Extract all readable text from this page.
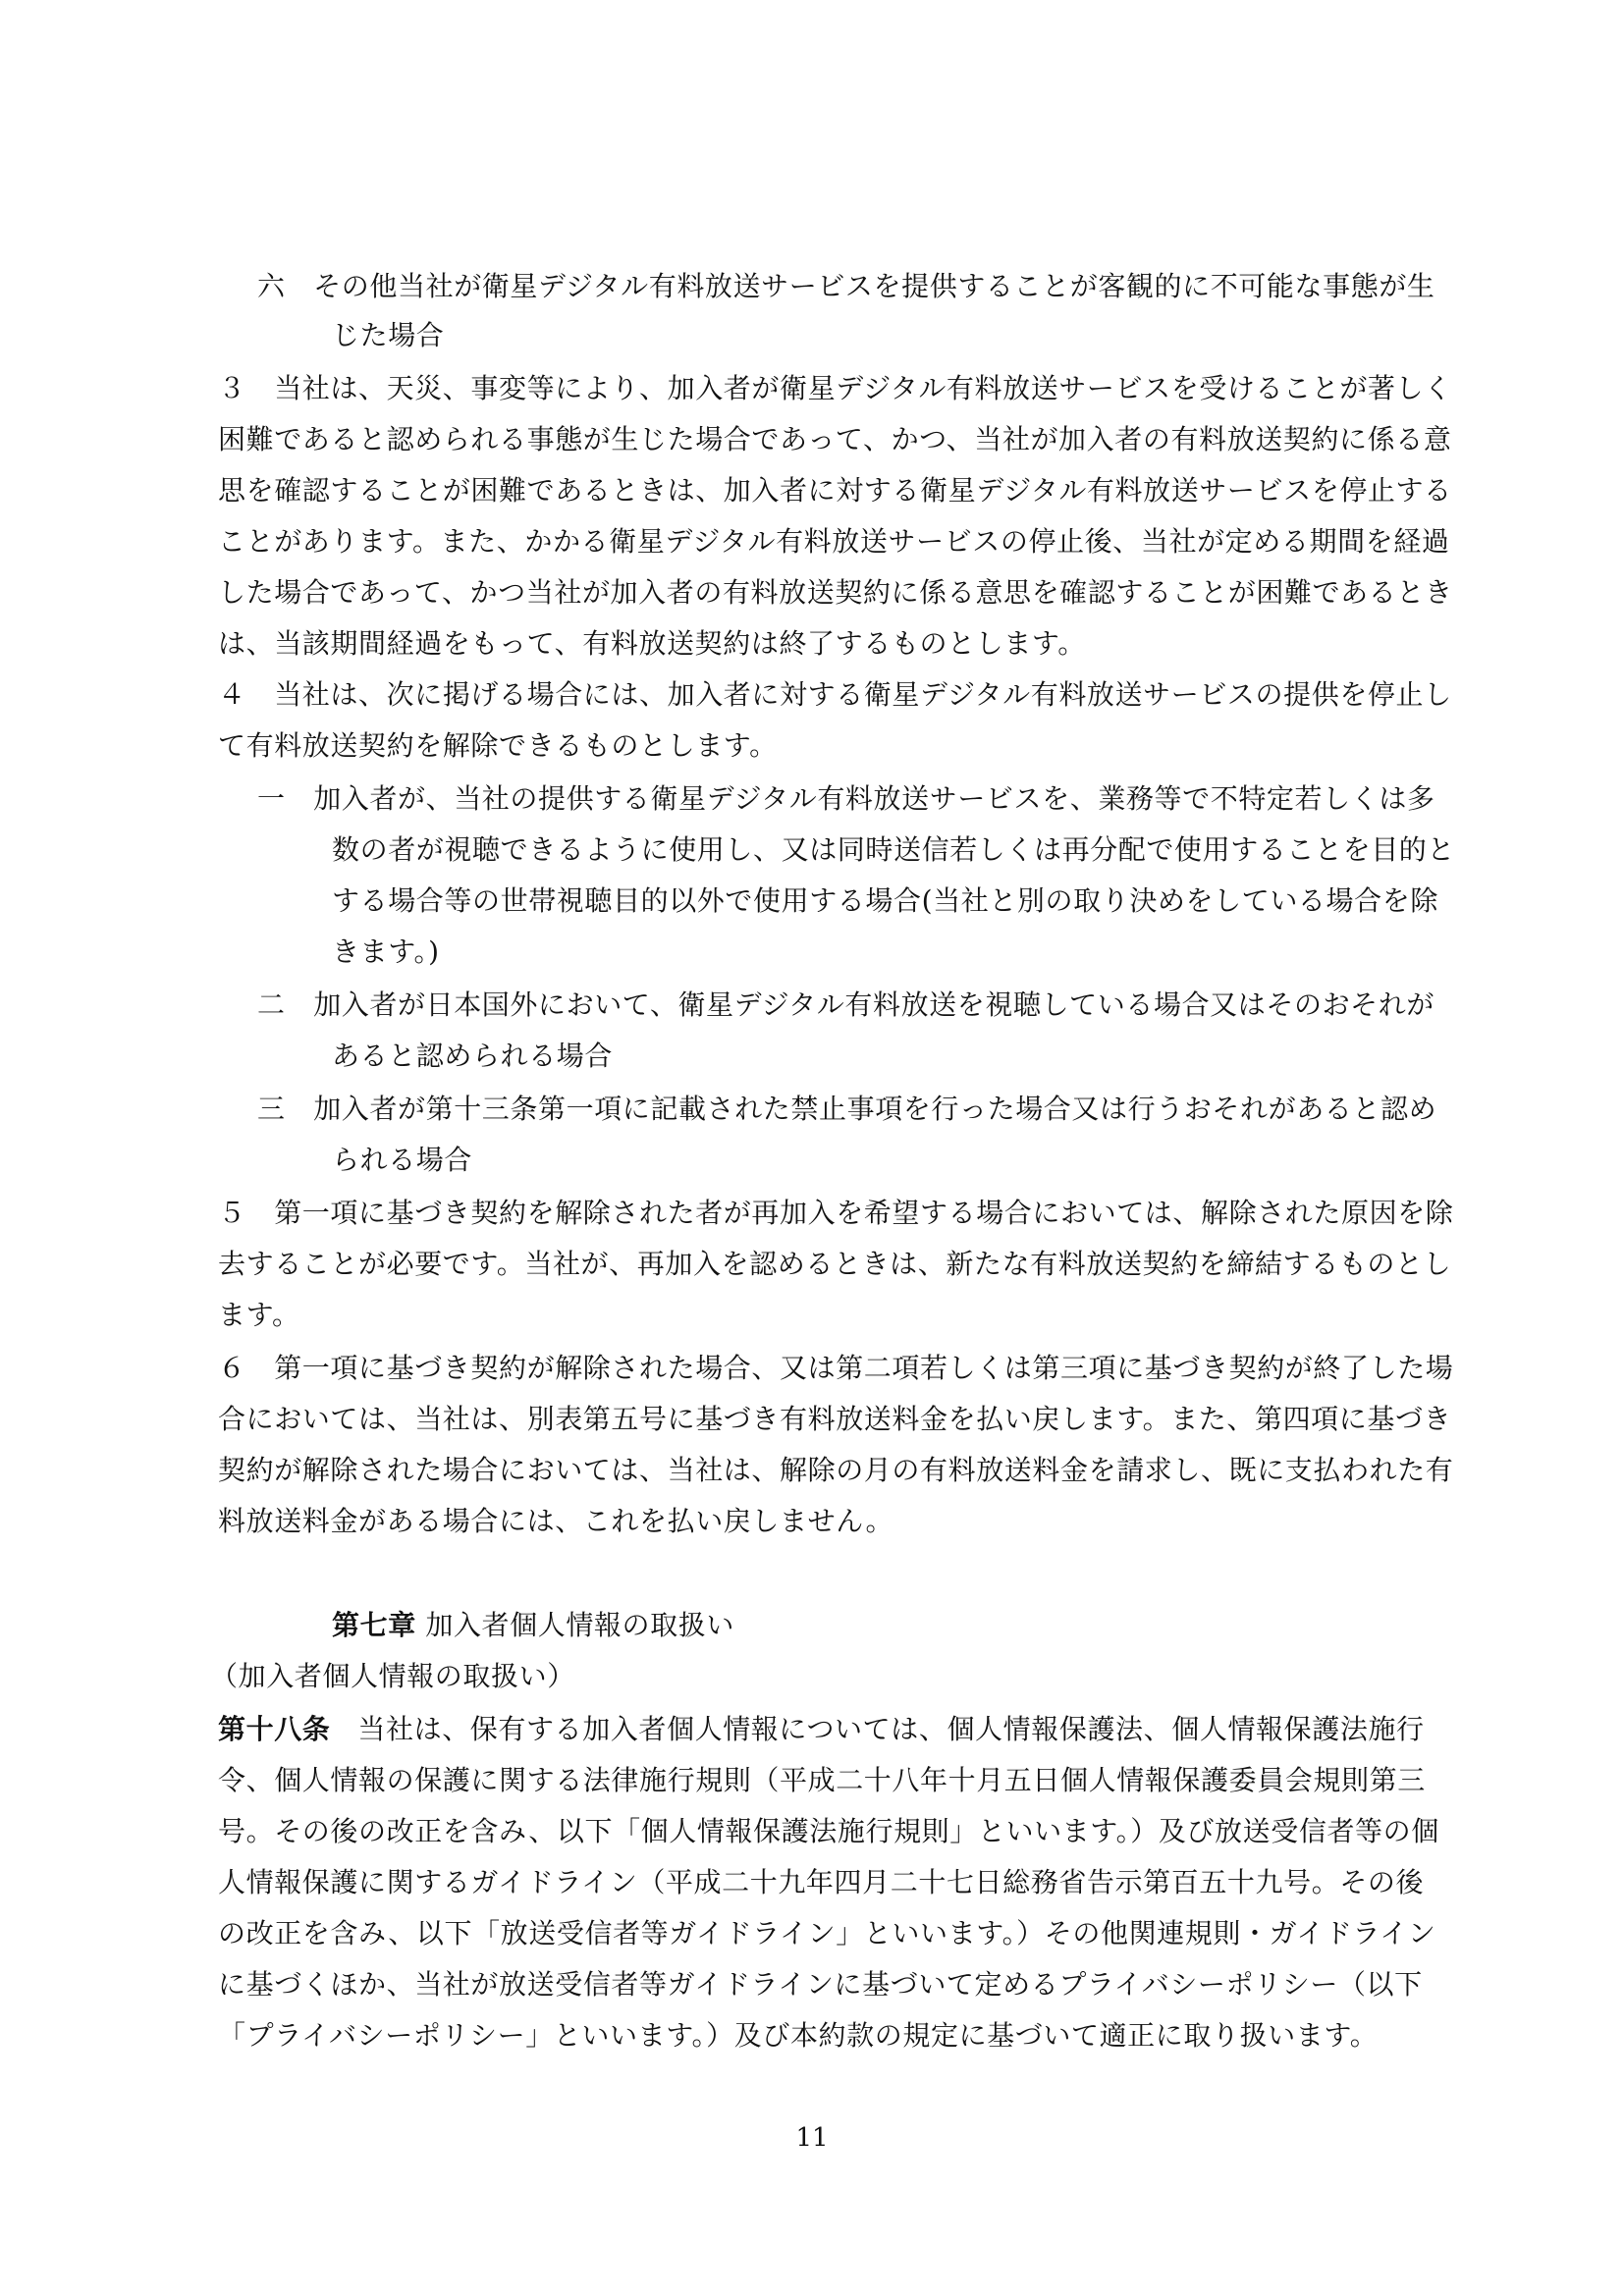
六　その他当社が衛星デジタル有料放送サービスを提供することが客観的に不可能な事態が生
じた場合
３　当社は、天災、事変等により、加入者が衛星デジタル有料放送サービスを受けることが著しく
困難であると認められる事態が生じた場合であって、かつ、当社が加入者の有料放送契約に係る意
思を確認することが困難であるときは、加入者に対する衛星デジタル有料放送サービスを停止する
ことがあります。また、かかる衛星デジタル有料放送サービスの停止後、当社が定める期間を経過
した場合であって、かつ当社が加入者の有料放送契約に係る意思を確認することが困難であるとき
は、当該期間経過をもって、有料放送契約は終了するものとします。
４　当社は、次に掲げる場合には、加入者に対する衛星デジタル有料放送サービスの提供を停止し
て有料放送契約を解除できるものとします。
一　加入者が、当社の提供する衛星デジタル有料放送サービスを、業務等で不特定若しくは多
数の者が視聴できるように使用し、又は同時送信若しくは再分配で使用することを目的と
する場合等の世帯視聴目的以外で使用する場合(当社と別の取り決めをしている場合を除
きます。)
二　加入者が日本国外において、衛星デジタル有料放送を視聴している場合又はそのおそれが
あると認められる場合
三　加入者が第十三条第一項に記載された禁止事項を行った場合又は行うおそれがあると認め
られる場合
５　第一項に基づき契約を解除された者が再加入を希望する場合においては、解除された原因を除
去することが必要です。当社が、再加入を認めるときは、新たな有料放送契約を締結するものとし
ます。
６　第一項に基づき契約が解除された場合、又は第二項若しくは第三項に基づき契約が終了した場
合においては、当社は、別表第五号に基づき有料放送料金を払い戻します。また、第四項に基づき
契約が解除された場合においては、当社は、解除の月の有料放送料金を請求し、既に支払われた有
料放送料金がある場合には、これを払い戻しません。
第七章 加入者個人情報の取扱い
（加入者個人情報の取扱い）
第十八条 当社は、保有する加入者個人情報については、個人情報保護法、個人情報保護法施行
令、個人情報の保護に関する法律施行規則（平成二十八年十月五日個人情報保護委員会規則第三
号。その後の改正を含み、以下「個人情報保護法施行規則」といいます。）及び放送受信者等の個
人情報保護に関するガイドライン（平成二十九年四月二十七日総務省告示第百五十九号。その後
の改正を含み、以下「放送受信者等ガイドライン」といいます。）その他関連規則・ガイドライン
に基づくほか、当社が放送受信者等ガイドラインに基づいて定めるプライバシーポリシー（以下
「プライバシーポリシー」といいます。）及び本約款の規定に基づいて適正に取り扱います。
11
